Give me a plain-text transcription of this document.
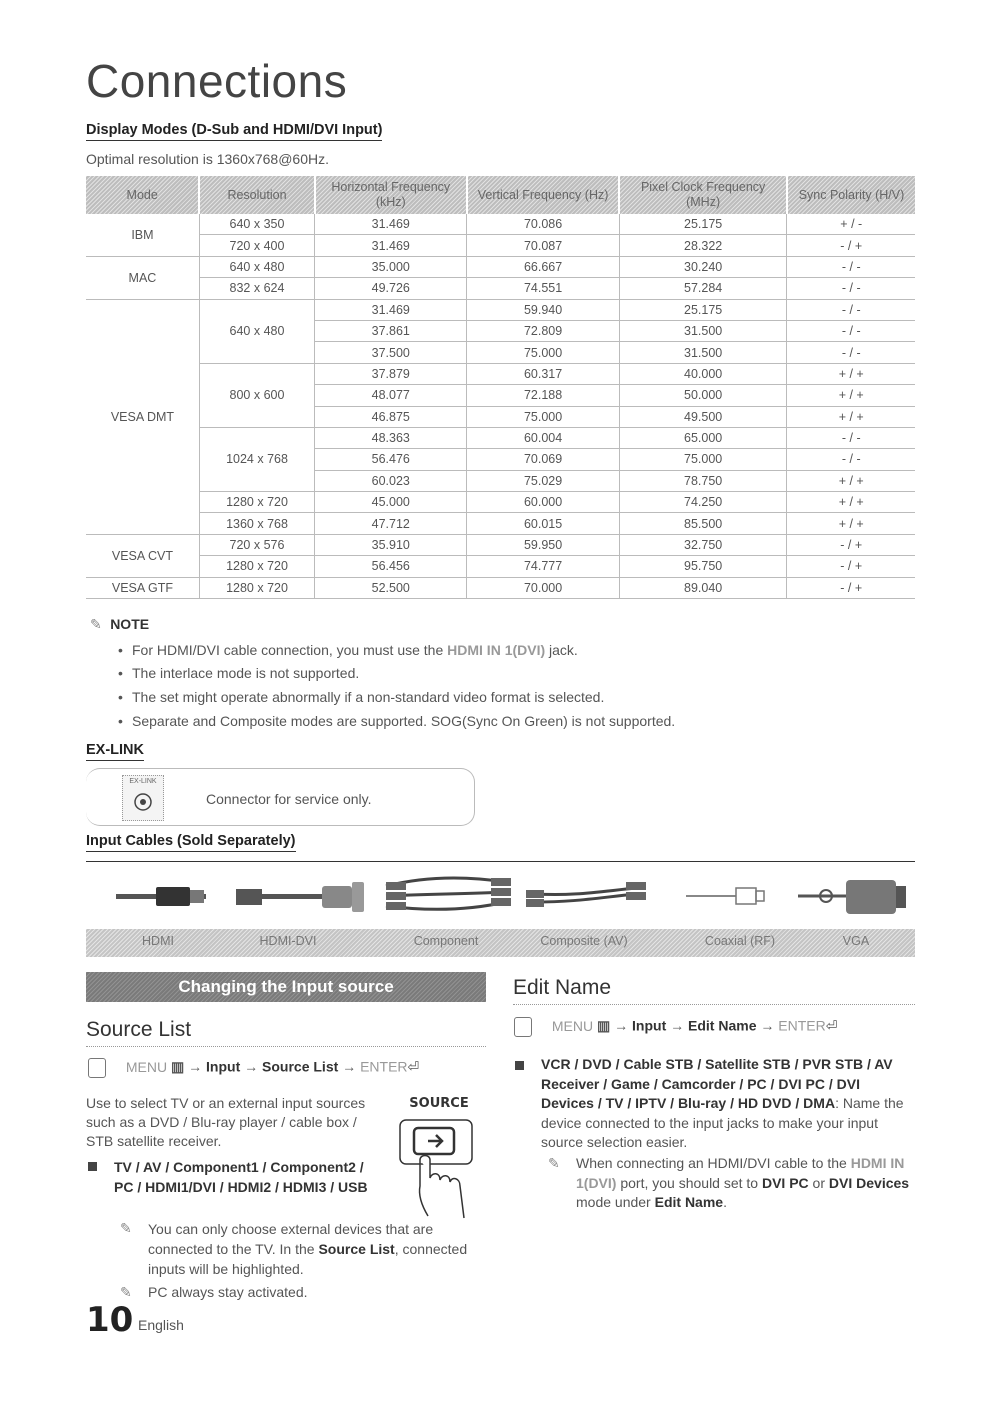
Connections
Display Modes (D-Sub and HDMI/DVI Input)
Optimal resolution is 1360x768@60Hz.
Mode	Resolution	Horizontal Frequency (kHz)	Vertical Frequency (Hz)	Pixel Clock Frequency (MHz)	Sync Polarity (H/V)
IBM	640 x 350	31.469	70.086	25.175	+ / -
	720 x 400	31.469	70.087	28.322	- / +
MAC	640 x 480	35.000	66.667	30.240	- / -
	832 x 624	49.726	74.551	57.284	- / -
VESA DMT	640 x 480	31.469	59.940	25.175	- / -
		37.861	72.809	31.500	- / -
		37.500	75.000	31.500	- / -
	800 x 600	37.879	60.317	40.000	+ / +
		48.077	72.188	50.000	+ / +
		46.875	75.000	49.500	+ / +
	1024 x 768	48.363	60.004	65.000	- / -
		56.476	70.069	75.000	- / -
		60.023	75.029	78.750	+ / +
	1280 x 720	45.000	60.000	74.250	+ / +
	1360 x 768	47.712	60.015	85.500	+ / +
VESA CVT	720 x 576	35.910	59.950	32.750	- / +
	1280 x 720	56.456	74.777	95.750	- / +
VESA GTF	1280 x 720	52.500	70.000	89.040	- / +
✎ NOTE
• For HDMI/DVI cable connection, you must use the HDMI IN 1(DVI) jack.
• The interlace mode is not supported.
• The set might operate abnormally if a non-standard video format is selected.
• Separate and Composite modes are supported. SOG(Sync On Green) is not supported.
EX-LINK
EX-LINK
Connector for service only.
Input Cables (Sold Separately)
HDMI	HDMI-DVI	Component	Composite (AV)	Coaxial (RF)	VGA
Changing the Input source
Source List
MENU ▥ → Input → Source List → ENTER⏎
Use to select TV or an external input sources such as a DVD / Blu-ray player / cable box / STB satellite receiver.
SOURCE
TV / AV / Component1 / Component2 / PC / HDMI1/DVI / HDMI2 / HDMI3 / USB
✎ You can only choose external devices that are connected to the TV. In the Source List, connected inputs will be highlighted.
✎ PC always stay activated.
10 English
Edit Name
MENU ▥ → Input → Edit Name → ENTER⏎
VCR / DVD / Cable STB / Satellite STB / PVR STB / AV Receiver / Game / Camcorder / PC / DVI PC / DVI Devices / TV / IPTV / Blu-ray / HD DVD / DMA: Name the device connected to the input jacks to make your input source selection easier.
✎ When connecting an HDMI/DVI cable to the HDMI IN 1(DVI) port, you should set to DVI PC or DVI Devices mode under Edit Name.
